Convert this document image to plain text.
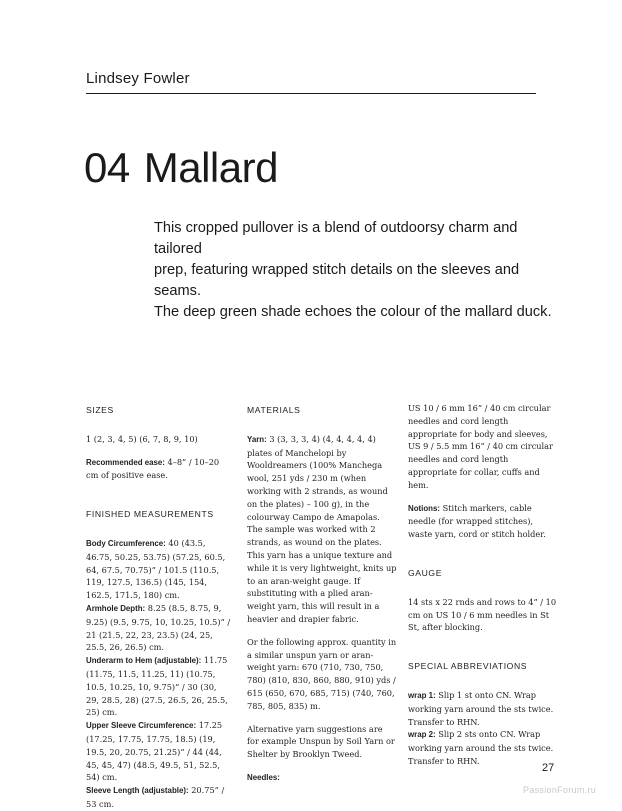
Lindsey Fowler
04 Mallard
This cropped pullover is a blend of outdoorsy charm and tailored
prep, featuring wrapped stitch details on the sleeves and seams.
The deep green shade echoes the colour of the mallard duck.
SIZES

1 (2, 3, 4, 5) (6, 7, 8, 9, 10)

Recommended ease: 4–8” / 10–20 cm of positive ease.

FINISHED MEASUREMENTS

Body Circumference: 40 (43.5, 46.75, 50.25, 53.75) (57.25, 60.5, 64, 67.5, 70.75)” / 101.5 (110.5, 119, 127.5, 136.5) (145, 154, 162.5, 171.5, 180) cm.

Armhole Depth: 8.25 (8.5, 8.75, 9, 9.25) (9.5, 9.75, 10, 10.25, 10.5)” / 21 (21.5, 22, 23, 23.5) (24, 25, 25.5, 26, 26.5) cm.

Underarm to Hem (adjustable): 11.75 (11.75, 11.5, 11.25, 11) (10.75, 10.5, 10.25, 10, 9.75)” / 30 (30, 29, 28.5, 28) (27.5, 26.5, 26, 25.5, 25) cm.

Upper Sleeve Circumference: 17.25 (17.25, 17.75, 17.75, 18.5) (19, 19.5, 20, 20.75, 21.25)” / 44 (44, 45, 45, 47) (48.5, 49.5, 51, 52.5, 54) cm.

Sleeve Length (adjustable): 20.75” / 53 cm.

MATERIALS

Yarn: 3 (3, 3, 3, 4) (4, 4, 4, 4, 4) plates of Manchelopi by Wooldreamers (100% Manchega wool, 251 yds / 230 m (when working with 2 strands, as wound on the plates) – 100 g), in the colourway Campo de Amapolas.

The sample was worked with 2 strands, as wound on the plates. This yarn has a unique texture and while it is very lightweight, knits up to an aran-weight gauge. If substituting with a plied aran-weight yarn, this will result in a heavier and drapier fabric.

Or the following approx. quantity in a similar unspun yarn or aran-weight yarn: 670 (710, 730, 750, 780) (810, 830, 860, 880, 910) yds / 615 (650, 670, 685, 715) (740, 760, 785, 805, 835) m.

Alternative yarn suggestions are for example Unspun by Soil Yarn or Shelter by Brooklyn Tweed.

Needles:

US 10 / 6 mm 16” / 40 cm circular needles and cord length appropriate for body and sleeves, US 9 / 5.5 mm 16” / 40 cm circular needles and cord length appropriate for collar, cuffs and hem.

Notions: Stitch markers, cable needle (for wrapped stitches), waste yarn, cord or stitch holder.

GAUGE

14 sts x 22 rnds and rows to 4” / 10 cm on US 10 / 6 mm needles in St St, after blocking.

SPECIAL ABBREVIATIONS

wrap 1: Slip 1 st onto CN. Wrap working yarn around the sts twice. Transfer to RHN.

wrap 2: Slip 2 sts onto CN. Wrap working yarn around the sts twice. Transfer to RHN.

27
PassionForum.ru
